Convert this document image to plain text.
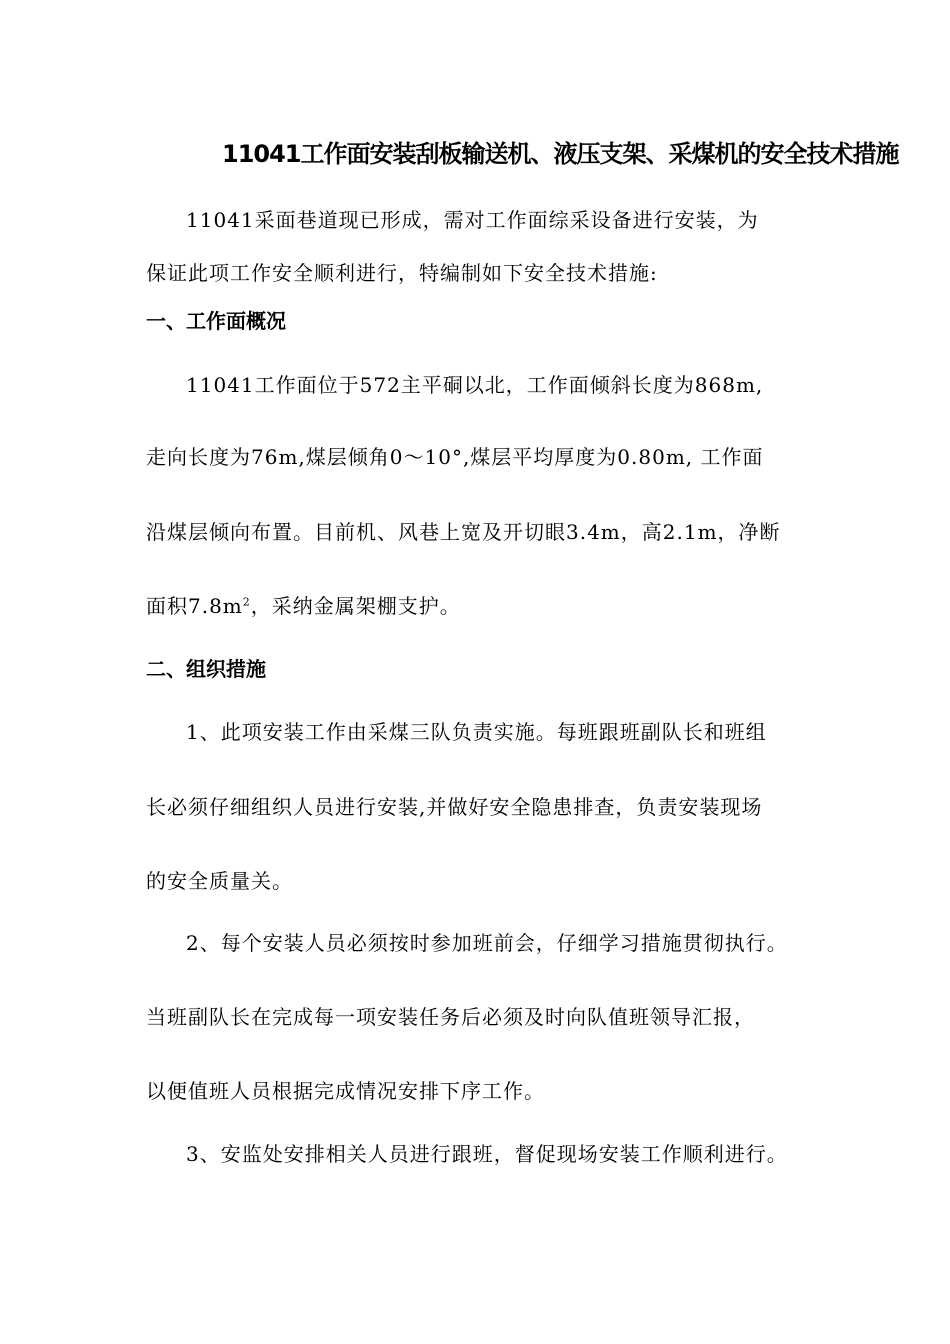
11041工作面安装刮板输送机、液压支架、采煤机的安全技术措施
11041采面巷道现已形成，需对工作面综采设备进行安装，为
保证此项工作安全顺利进行，特编制如下安全技术措施:
一、工作面概况
11041工作面位于572主平硐以北，工作面倾斜长度为868m,
走向长度为76m,煤层倾角0～10°,煤层平均厚度为0.80m, 工作面
沿煤层倾向布置。目前机、风巷上宽及开切眼3.4m，高2.1m，净断
面积$7.8m^2$，采纳金属架棚支护。
二、组织措施
1、此项安装工作由采煤三队负责实施。每班跟班副队长和班组
长必须仔细组织人员进行安装,并做好安全隐患排查，负责安装现场
的安全质量关。
2、每个安装人员必须按时参加班前会，仔细学习措施贯彻执行。
当班副队长在完成每一项安装任务后必须及时向队值班领导汇报，
以便值班人员根据完成情况安排下序工作。
3、安监处安排相关人员进行跟班，督促现场安装工作顺利进行。
